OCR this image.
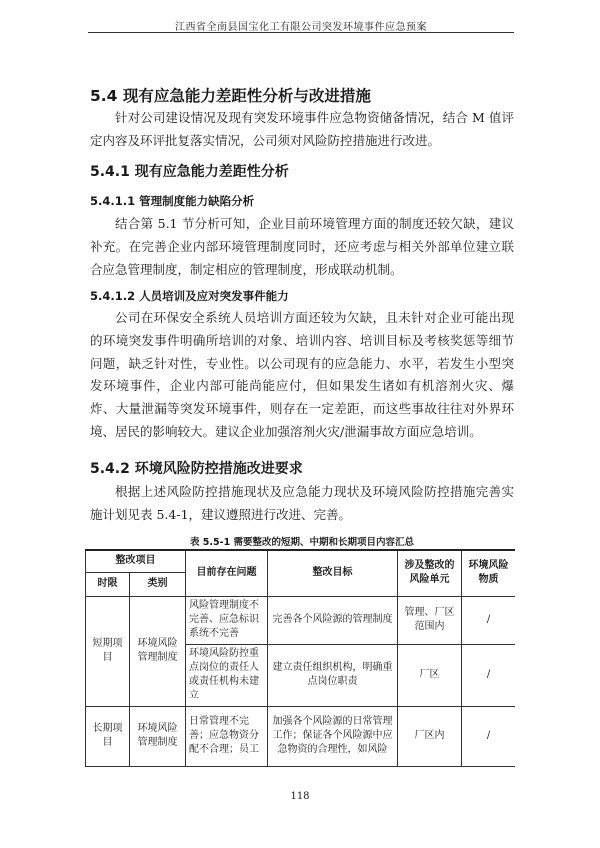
江西省全南县国宝化工有限公司突发环境事件应急预案
5.4 现有应急能力差距性分析与改进措施

针对公司建设情况及现有突发环境事件应急物资储备情况，结合 M 值评定内容及环评批复落实情况，公司须对风险防控措施进行改进。

5.4.1 现有应急能力差距性分析
5.4.1.1 管理制度能力缺陷分析

结合第 5.1 节分析可知，企业目前环境管理方面的制度还较欠缺，建议补充。在完善企业内部环境管理制度同时，还应考虑与相关外部单位建立联合应急管理制度，制定相应的管理制度，形成联动机制。

5.4.1.2 人员培训及应对突发事件能力

公司在环保安全系统人员培训方面还较为欠缺，且未针对企业可能出现的环境突发事件明确所培训的对象、培训内容、培训目标及考核奖惩等细节问题，缺乏针对性，专业性。以公司现有的应急能力、水平，若发生小型突发环境事件，企业内部可能尚能应付，但如果发生诸如有机溶剂火灾、爆炸、大量泄漏等突发环境事件，则存在一定差距，而这些事故往往对外界环境、居民的影响较大。建议企业加强溶剂火灾/泄漏事故方面应急培训。

5.4.2 环境风险防控措施改进要求

根据上述风险防控措施现状及应急能力现状及环境风险防控措施完善实施计划见表 5.4-1，建议遵照进行改进、完善。

表 5.5-1 需要整改的短期、中期和长期项目内容汇总
整改项目		目前存在问题	整改目标	涉及整改的风险单元	环境风险物质
时限	类别				
短期项目	环境风险管理制度	风险管理制度不完善、应急标识系统不完善	完善各个风险源的管理制度	管理、厂区范围内	/
		环境风险防控重点岗位的责任人或责任机构未建立	建立责任组织机构，明确重点岗位职责	厂区	/
长期项目	环境风险管理制度	日常管理不完善；应急物资分配不合理；员工	加强各个风险源的日常管理工作；保证各个风险源中应急物资的合理性，如风险	厂区内	/
118
